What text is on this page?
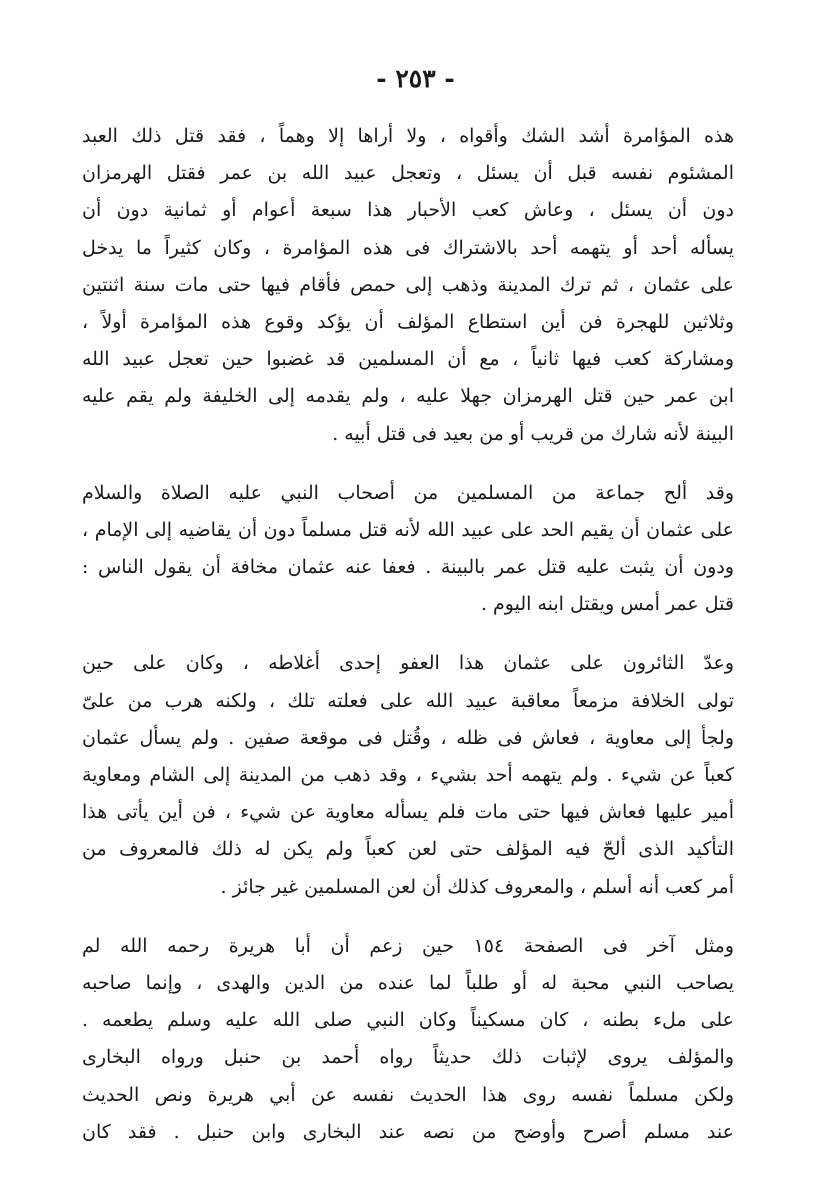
- ٢٥٣ -
هذه المؤامرة أشد الشك وأقواه ، ولا أراها إلا وهماً ، فقد قتل ذلك العبد
المشئوم نفسه قبل أن يسئل ، وتعجل عبيد الله بن عمر فقتل الهرمزان
دون أن يسئل ، وعاش كعب الأحبار هذا سبعة أعوام أو ثمانية دون أن
يسأله أحد أو يتهمه أحد بالاشتراك فى هذه المؤامرة ، وكان كثيراً ما يدخل
على عثمان ، ثم ترك المدينة وذهب إلى حمص فأقام فيها حتى مات سنة اثنتين
وثلاثين للهجرة فن أين استطاع المؤلف أن يؤكد وقوع هذه المؤامرة أولاً ،
ومشاركة كعب فيها ثانياً ، مع أن المسلمين قد غضبوا حين تعجل عبيد الله
ابن عمر حين قتل الهرمزان جهلا عليه ، ولم يقدمه إلى الخليفة ولم يقم عليه
البينة لأنه شارك من قريب أو من بعيد فى قتل أبيه .
وقد ألح جماعة من المسلمين من أصحاب النبي عليه الصلاة والسلام
على عثمان أن يقيم الحد على عبيد الله لأنه قتل مسلماً دون أن يقاضيه إلى الإمام ،
ودون أن يثبت عليه قتل عمر بالبينة . فعفا عنه عثمان مخافة أن يقول الناس :
قتل عمر أمس ويقتل ابنه اليوم .
وعدّ الثائرون على عثمان هذا العفو إحدى أغلاطه ، وكان على حين
تولى الخلافة مزمعاً معاقبة عبيد الله على فعلته تلك ، ولكنه هرب من علىّ
ولجأ إلى معاوية ، فعاش فى ظله ، وقُتل فى موقعة صفين . ولم يسأل عثمان
كعباً عن شيء . ولم يتهمه أحد بشيء ، وقد ذهب من المدينة إلى الشام ومعاوية
أمير عليها فعاش فيها حتى مات فلم يسأله معاوية عن شيء ، فن أين يأتى هذا
التأكيد الذى ألحّ فيه المؤلف حتى لعن كعباً ولم يكن له ذلك فالمعروف من
أمر كعب أنه أسلم ، والمعروف كذلك أن لعن المسلمين غير جائز .
ومثل آخر فى الصفحة ١٥٤ حين زعم أن أبا هريرة رحمه الله لم
يصاحب النبي محبة له أو طلباً لما عنده من الدين والهدى ، وإنما صاحبه
على ملء بطنه ، كان مسكيناً وكان النبي صلى الله عليه وسلم يطعمه .
والمؤلف يروى لإثبات ذلك حديثاً رواه أحمد بن حنبل ورواه البخارى
ولكن مسلماً نفسه روى هذا الحديث نفسه عن أبي هريرة ونص الحديث
عند مسلم أصرح وأوضح من نصه عند البخارى وابن حنبل . فقد كان
